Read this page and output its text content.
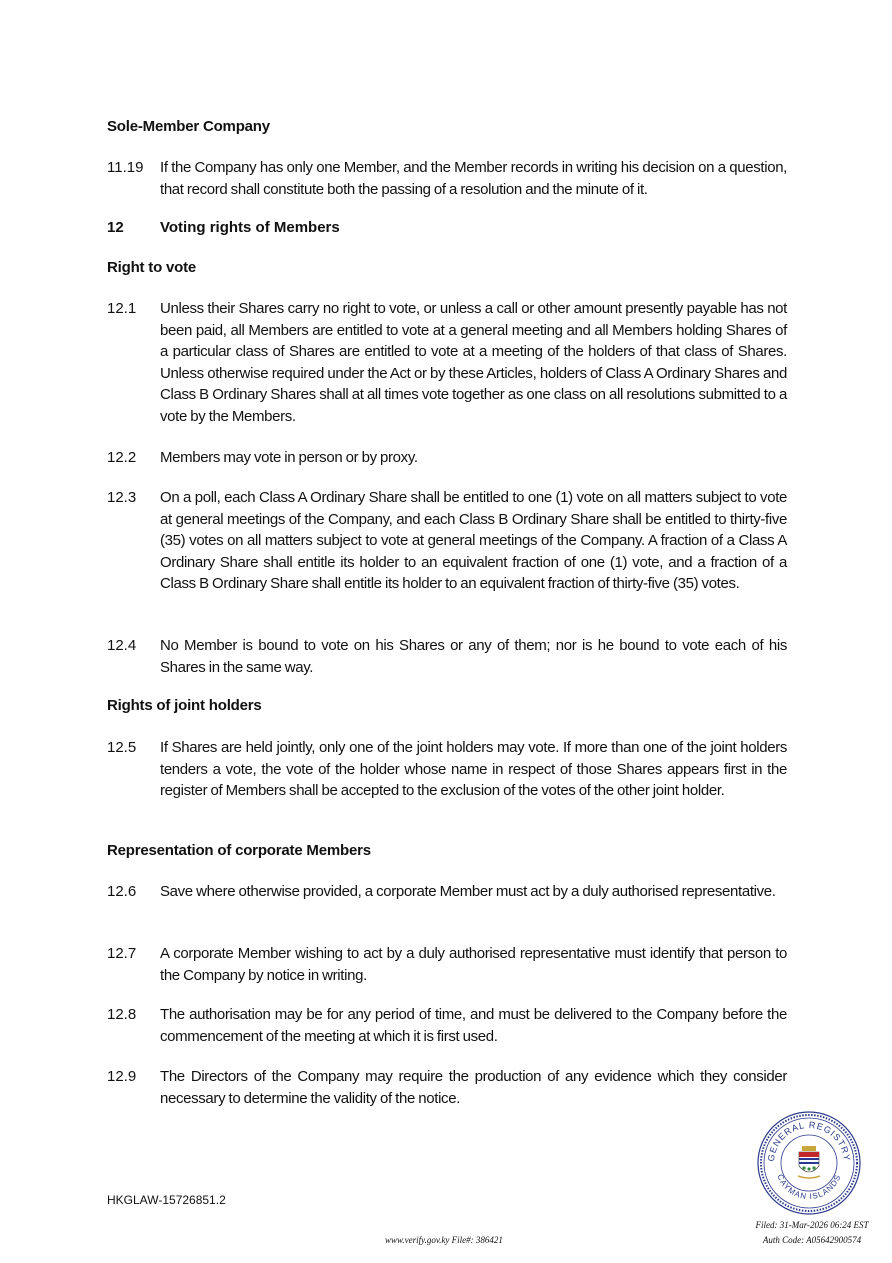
Sole-Member Company
11.19 If the Company has only one Member, and the Member records in writing his decision on a question, that record shall constitute both the passing of a resolution and the minute of it.
12 Voting rights of Members
Right to vote
12.1 Unless their Shares carry no right to vote, or unless a call or other amount presently payable has not been paid, all Members are entitled to vote at a general meeting and all Members holding Shares of a particular class of Shares are entitled to vote at a meeting of the holders of that class of Shares. Unless otherwise required under the Act or by these Articles, holders of Class A Ordinary Shares and Class B Ordinary Shares shall at all times vote together as one class on all resolutions submitted to a vote by the Members.
12.2 Members may vote in person or by proxy.
12.3 On a poll, each Class A Ordinary Share shall be entitled to one (1) vote on all matters subject to vote at general meetings of the Company, and each Class B Ordinary Share shall be entitled to thirty-five (35) votes on all matters subject to vote at general meetings of the Company. A fraction of a Class A Ordinary Share shall entitle its holder to an equivalent fraction of one (1) vote, and a fraction of a Class B Ordinary Share shall entitle its holder to an equivalent fraction of thirty-five (35) votes.
12.4 No Member is bound to vote on his Shares or any of them; nor is he bound to vote each of his Shares in the same way.
Rights of joint holders
12.5 If Shares are held jointly, only one of the joint holders may vote. If more than one of the joint holders tenders a vote, the vote of the holder whose name in respect of those Shares appears first in the register of Members shall be accepted to the exclusion of the votes of the other joint holder.
Representation of corporate Members
12.6 Save where otherwise provided, a corporate Member must act by a duly authorised representative.
12.7 A corporate Member wishing to act by a duly authorised representative must identify that person to the Company by notice in writing.
12.8 The authorisation may be for any period of time, and must be delivered to the Company before the commencement of the meeting at which it is first used.
12.9 The Directors of the Company may require the production of any evidence which they consider necessary to determine the validity of the notice.
HKGLAW-15726851.2
GENERAL REGISTRY
CAYMAN ISLANDS
Filed: 31-Mar-2026 06:24 EST
www.verify.gov.ky File#: 386421	Auth Code: A05642900574
